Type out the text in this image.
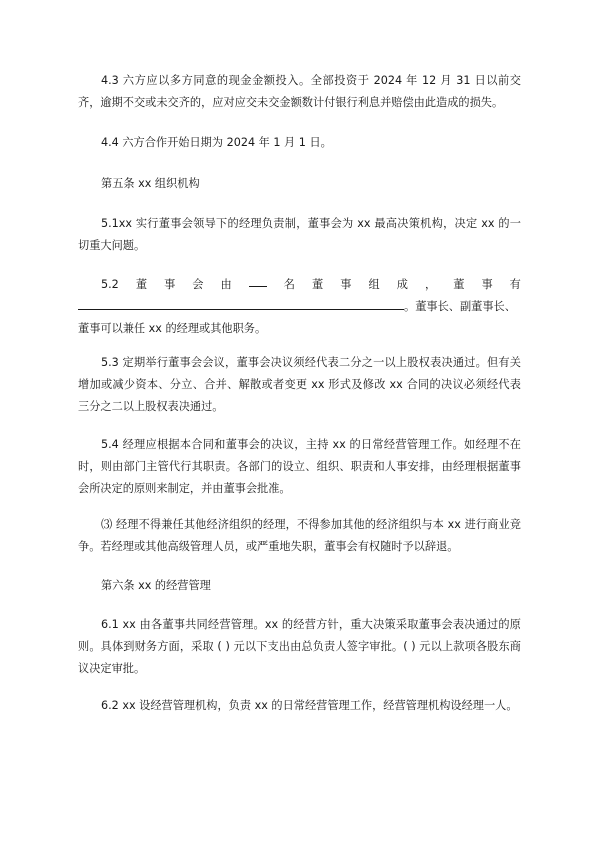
4.3 六方应以多方同意的现金金额投入。全部投资于 2024 年 12 月 31 日以前交齐，逾期不交或未交齐的，应对应交未交金额数计付银行利息并赔偿由此造成的损失。
4.4 六方合作开始日期为 2024 年 1 月 1 日。
第五条 xx 组织机构
5.1xx 实行董事会领导下的经理负责制，董事会为 xx 最高决策机构，决定 xx 的一切重大问题。
5.2 董 事 会 由	名 董 事 组 成 ， 董 事 有
。董事长、副董事长、
董事可以兼任 xx 的经理或其他职务。
5.3 定期举行董事会会议，董事会决议须经代表二分之一以上股权表决通过。但有关增加或减少资本、分立、合并、解散或者变更 xx 形式及修改 xx 合同的决议必须经代表三分之二以上股权表决通过。
5.4 经理应根据本合同和董事会的决议，主持 xx 的日常经营管理工作。如经理不在时，则由部门主管代行其职责。各部门的设立、组织、职责和人事安排，由经理根据董事会所决定的原则来制定，并由董事会批准。
⑶ 经理不得兼任其他经济组织的经理，不得参加其他的经济组织与本 xx 进行商业竞争。若经理或其他高级管理人员，或严重地失职，董事会有权随时予以辞退。
第六条 xx 的经营管理
6.1 xx 由各董事共同经营管理。xx 的经营方针，重大决策采取董事会表决通过的原则。具体到财务方面，采取 ( ) 元以下支出由总负责人签字审批。( ) 元以上款项各股东商议决定审批。
6.2 xx 设经营管理机构，负责 xx 的日常经营管理工作，经营管理机构设经理一人。
